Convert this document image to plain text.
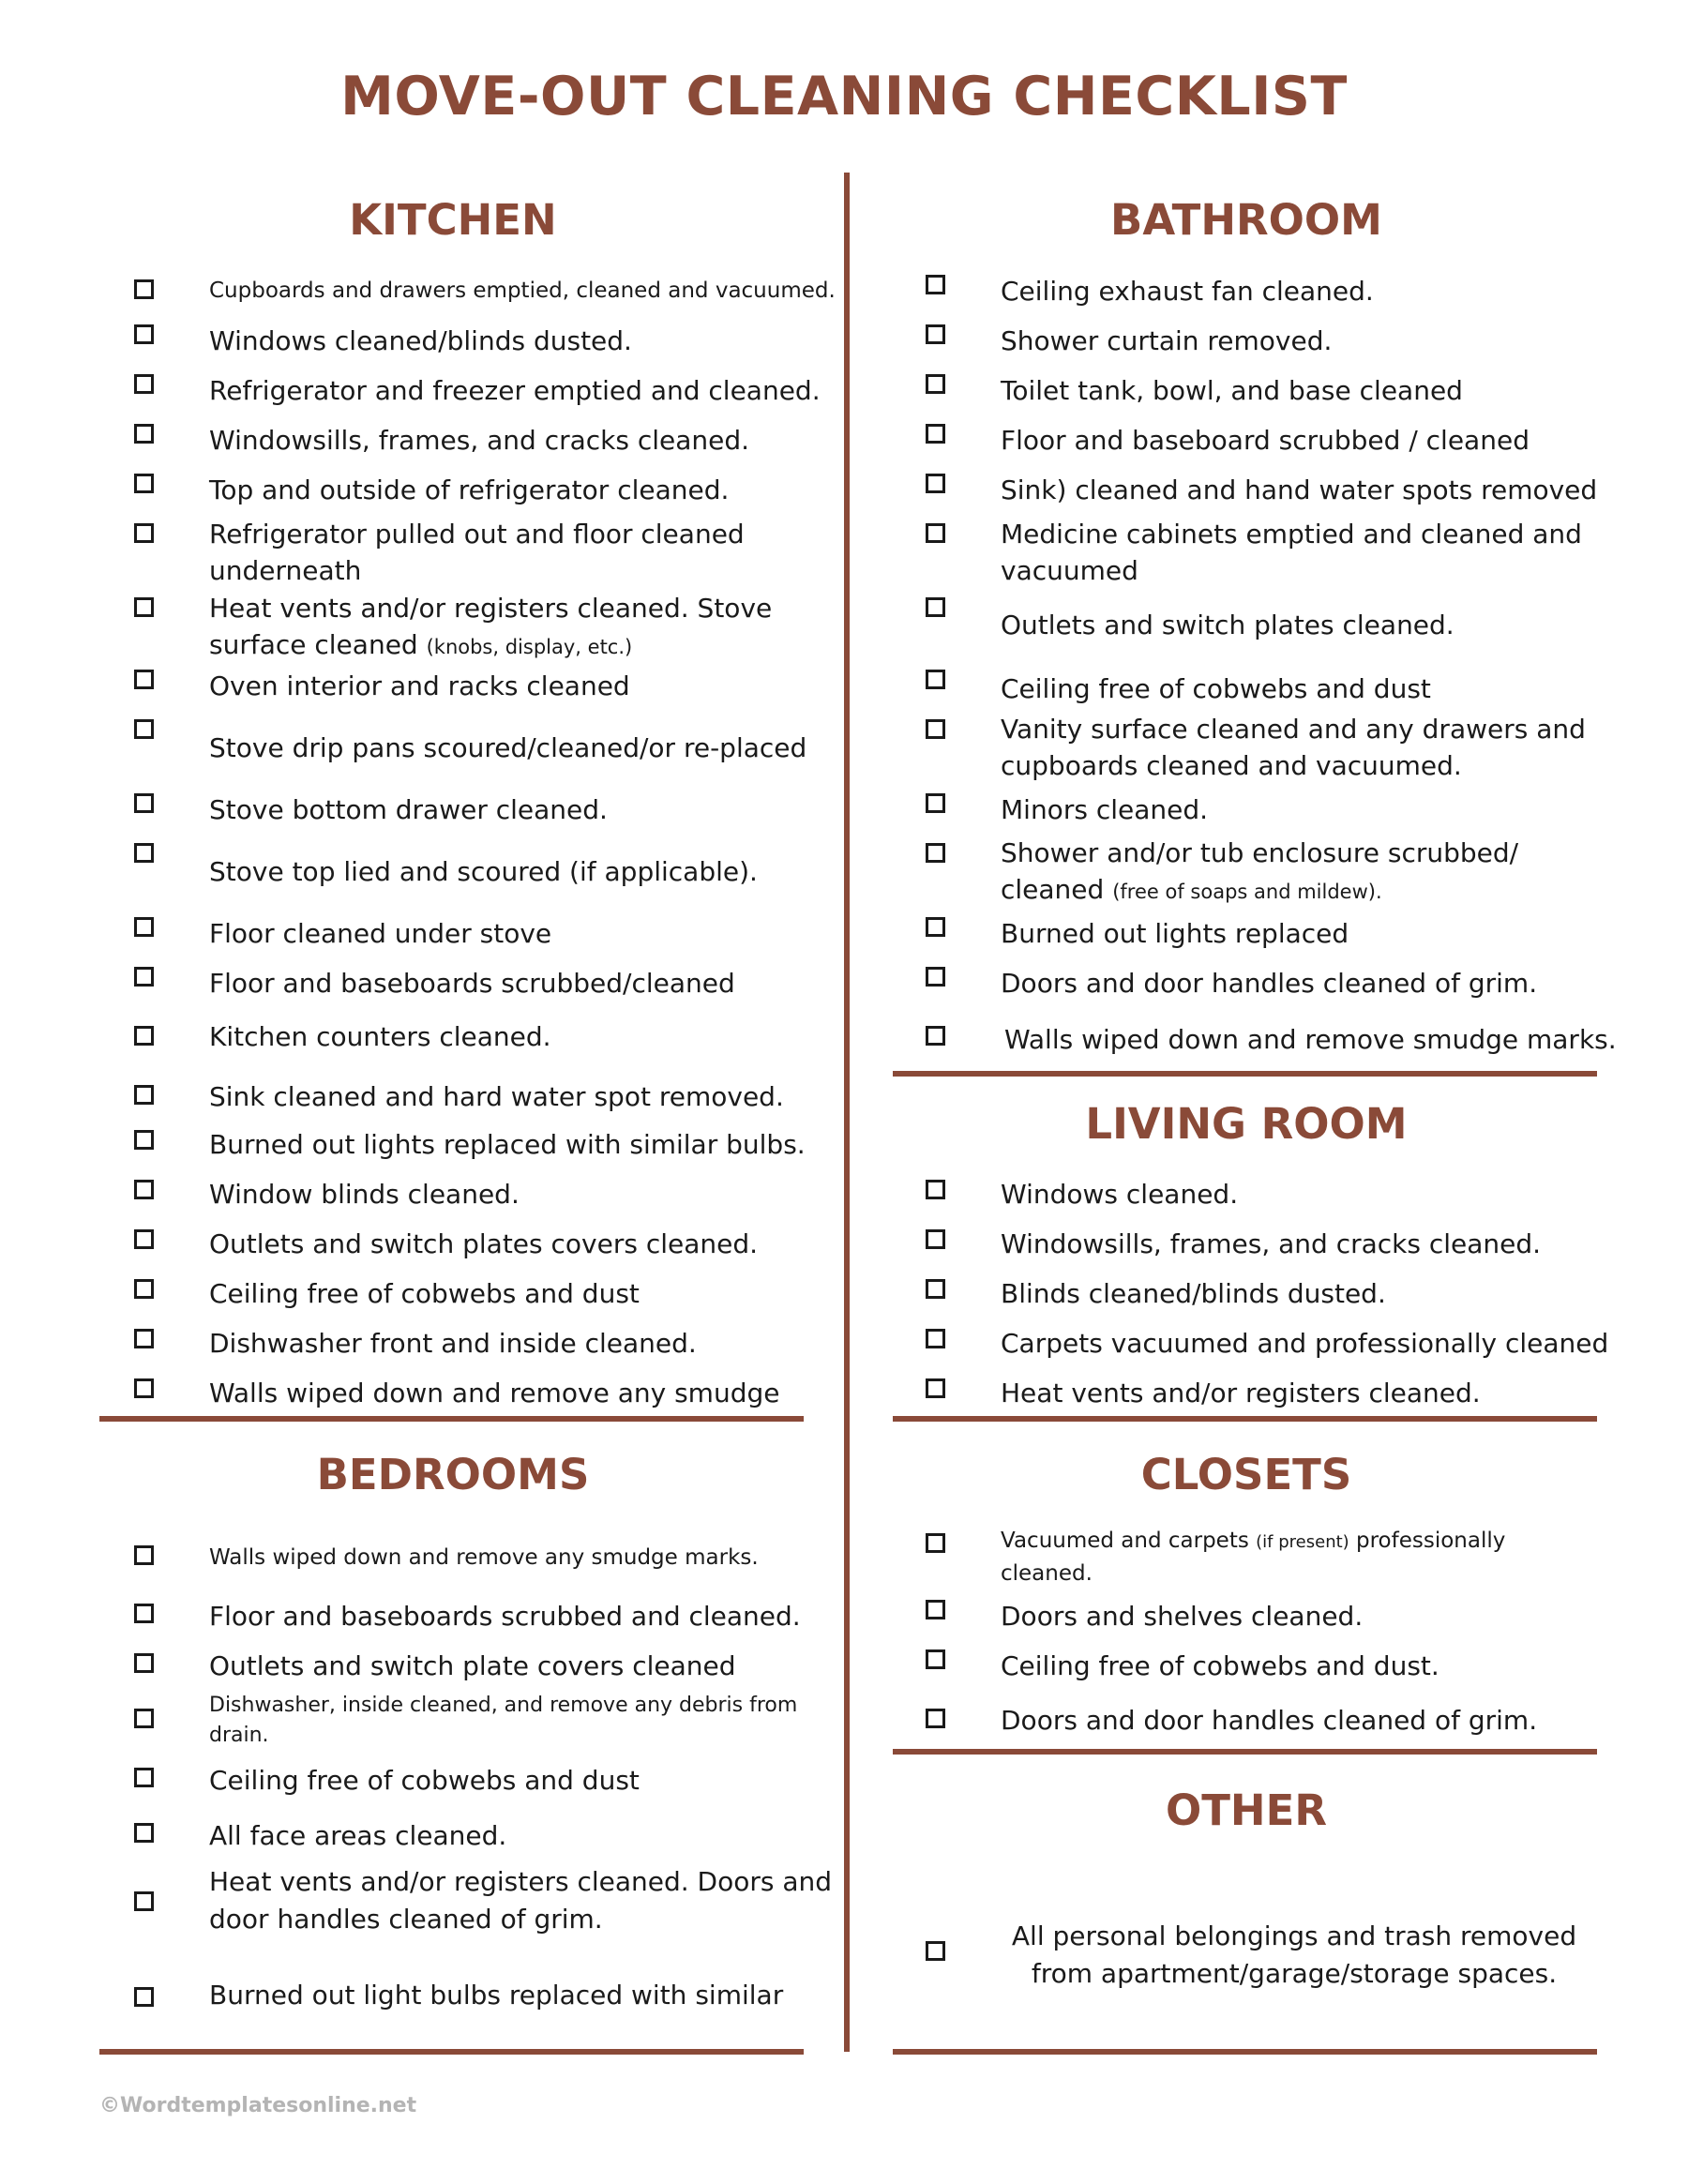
MOVE-OUT CLEANING CHECKLIST
KITCHEN
Cupboards and drawers emptied, cleaned and vacuumed.
Windows cleaned/blinds dusted.
Refrigerator and freezer emptied and cleaned.
Windowsills, frames, and cracks cleaned.
Top and outside of refrigerator cleaned.
Refrigerator pulled out and floor cleaned
underneath
Heat vents and/or registers cleaned. Stove
surface cleaned (knobs, display, etc.)
Oven interior and racks cleaned
Stove drip pans scoured/cleaned/or re-placed
Stove bottom drawer cleaned.
Stove top lied and scoured (if applicable).
Floor cleaned under stove
Floor and baseboards scrubbed/cleaned
Kitchen counters cleaned.
Sink cleaned and hard water spot removed.
Burned out lights replaced with similar bulbs.
Window blinds cleaned.
Outlets and switch plates covers cleaned.
Ceiling free of cobwebs and dust
Dishwasher front and inside cleaned.
Walls wiped down and remove any smudge
BATHROOM
Ceiling exhaust fan cleaned.
Shower curtain removed.
Toilet tank, bowl, and base cleaned
Floor and baseboard scrubbed / cleaned
Sink) cleaned and hand water spots removed
Medicine cabinets emptied and cleaned and
vacuumed
Outlets and switch plates cleaned.
Ceiling free of cobwebs and dust
Vanity surface cleaned and any drawers and
cupboards cleaned and vacuumed.
Minors cleaned.
Shower and/or tub enclosure scrubbed/
cleaned (free of soaps and mildew).
Burned out lights replaced
Doors and door handles cleaned of grim.
Walls wiped down and remove smudge marks.
LIVING ROOM
Windows cleaned.
Windowsills, frames, and cracks cleaned.
Blinds cleaned/blinds dusted.
Carpets vacuumed and professionally cleaned
Heat vents and/or registers cleaned.
BEDROOMS
Walls wiped down and remove any smudge marks.
Floor and baseboards scrubbed and cleaned.
Outlets and switch plate covers cleaned
Dishwasher, inside cleaned, and remove any debris from
drain.
Ceiling free of cobwebs and dust
All face areas cleaned.
Heat vents and/or registers cleaned. Doors and
door handles cleaned of grim.
Burned out light bulbs replaced with similar
CLOSETS
Vacuumed and carpets (if present) professionally
cleaned.
Doors and shelves cleaned.
Ceiling free of cobwebs and dust.
Doors and door handles cleaned of grim.
OTHER
All personal belongings and trash removed
from apartment/garage/storage spaces.
©Wordtemplatesonline.net
